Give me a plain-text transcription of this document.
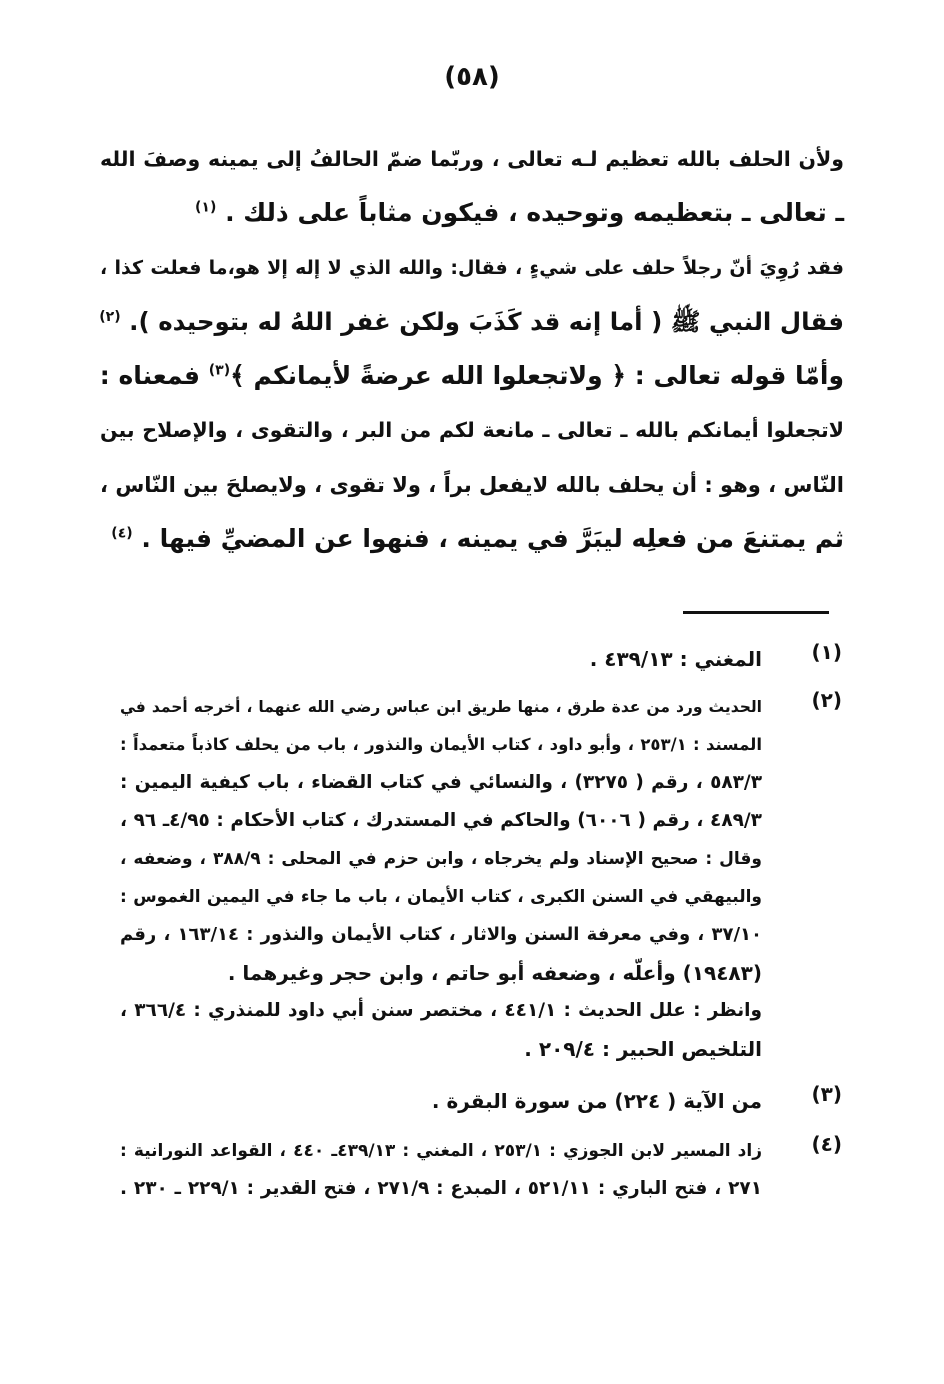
(٥٨)
ولأن الحلف بالله تعظيم لـه تعالى ، وربّما ضمّ الحالفُ إلى يمينه وصفَ الله
ـ تعالى ـ بتعظيمه وتوحيده ، فيكون مثاباً على ذلك . $^{(١)}$
فقد رُوِيَ أنّ رجلاً حلف على شيءٍ ، فقال: والله الذي لا إله إلا هو،ما فعلت كذا ،
فقال النبي ﷺ ( أما إنه قد كَذَبَ ولكن غفر اللهُ له بتوحيده ). $^{(٢)}$
وأمّا قوله تعالى : ﴿ ولاتجعلوا الله عرضةً لأيمانكم ﴾$^{(٣)}$ فمعناه :
لاتجعلوا أيمانكم بالله ـ تعالى ـ مانعة لكم من البر ، والتقوى ، والإصلاح بين
النّاس ، وهو : أن يحلف بالله لايفعل براً ، ولا تقوى ، ولايصلحَ بين النّاس ،
ثم يمتنعَ من فعلِه ليبَرَّ في يمينه ، فنهوا عن المضيِّ فيها . $^{(٤)}$
(١)
المغني : ٤٣٩/١٣ .
(٢)
الحديث ورد من عدة طرق ، منها طريق ابن عباس رضي الله عنهما ، أخرجه أحمد في
المسند : ٢٥٣/١ ، وأبو داود ، كتاب الأيمان والنذور ، باب من يحلف كاذباً متعمداً :
٥٨٣/٣ ، رقم ( ٣٢٧٥) ، والنسائي في كتاب القضاء ، باب كيفية اليمين :
٤٨٩/٣ ، رقم ( ٦٠٠٦) والحاكم في المستدرك ، كتاب الأحكام : ٤/٩٥ـ ٩٦ ،
وقال : صحيح الإسناد ولم يخرجاه ، وابن حزم في المحلى : ٣٨٨/٩ ، وضعفه ،
والبيهقي في السنن الكبرى ، كتاب الأيمان ، باب ما جاء في اليمين الغموس :
٣٧/١٠ ، وفي معرفة السنن والاثار ، كتاب الأيمان والنذور : ١٦٣/١٤ ، رقم
(١٩٤٨٣) وأعلّه ، وضعفه أبو حاتم ، وابن حجر وغيرهما .
وانظر : علل الحديث : ٤٤١/١ ، مختصر سنن أبي داود للمنذري : ٣٦٦/٤ ،
التلخيص الحبير : ٢٠٩/٤ .
(٣)
من الآية ( ٢٢٤) من سورة البقرة .
(٤)
زاد المسير لابن الجوزي : ٢٥٣/١ ، المغني : ٤٣٩/١٣ـ ٤٤٠ ، القواعد النورانية :
٢٧١ ، فتح الباري : ٥٢١/١١ ، المبدع : ٢٧١/٩ ، فتح القدير : ٢٢٩/١ ـ ٢٣٠ .
